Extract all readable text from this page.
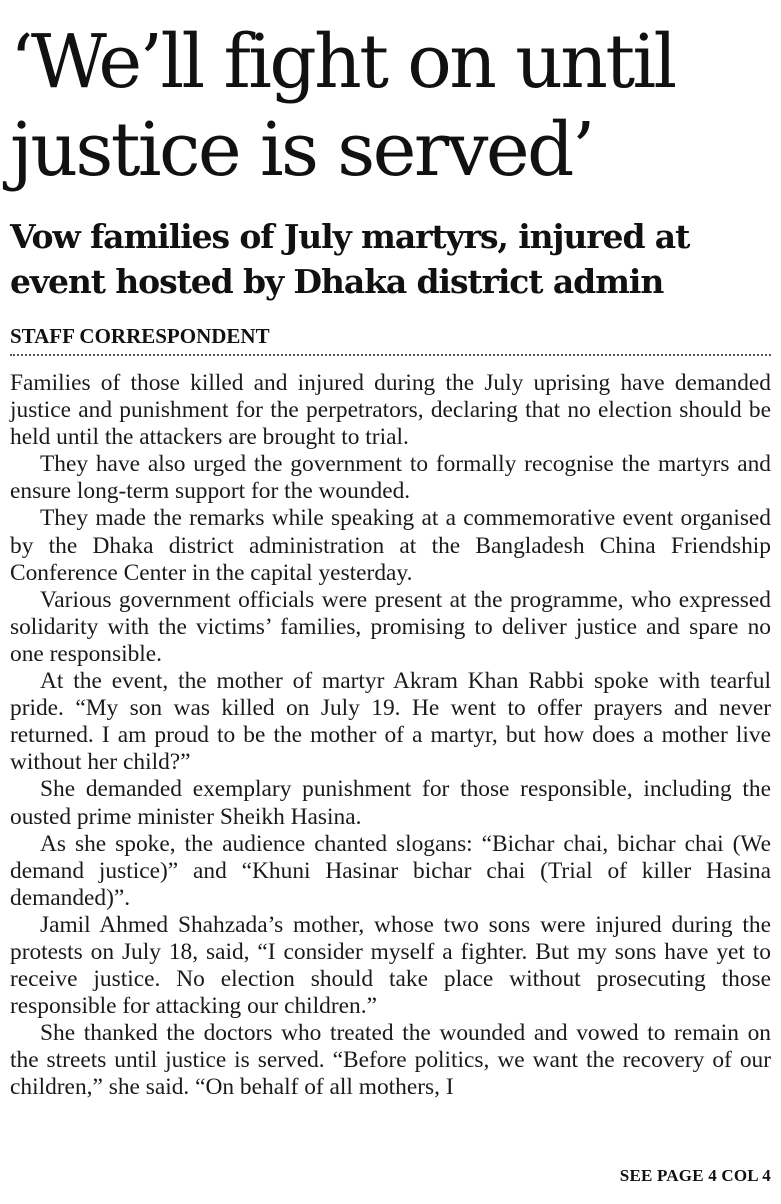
‘We’ll fight on until justice is served’
Vow families of July martyrs, injured at event hosted by Dhaka district admin
STAFF CORRESPONDENT

Families of those killed and injured during the July uprising have demanded justice and punishment for the perpetrators, declaring that no election should be held until the attackers are brought to trial.

They have also urged the government to formally recognise the martyrs and ensure long-term support for the wounded.

They made the remarks while speaking at a commemorative event organised by the Dhaka district administration at the Bangladesh China Friendship Conference Center in the capital yesterday.

Various government officials were present at the programme, who expressed solidarity with the victims’ families, promising to deliver justice and spare no one responsible.

At the event, the mother of martyr Akram Khan Rabbi spoke with tearful pride. “My son was killed on July 19. He went to offer prayers and never returned. I am proud to be the mother of a martyr, but how does a mother live without her child?”

She demanded exemplary punishment for those responsible, including the ousted prime minister Sheikh Hasina.

As she spoke, the audience chanted slogans: “Bichar chai, bichar chai (We demand justice)” and “Khuni Hasinar bichar chai (Trial of killer Hasina demanded)”.

Jamil Ahmed Shahzada’s mother, whose two sons were injured during the protests on July 18, said, “I consider myself a fighter. But my sons have yet to receive justice. No election should take place without prosecuting those responsible for attacking our children.”

She thanked the doctors who treated the wounded and vowed to remain on the streets until justice is served. “Before politics, we want the recovery of our children,” she said. “On behalf of all mothers, I

SEE PAGE 4 COL 4
